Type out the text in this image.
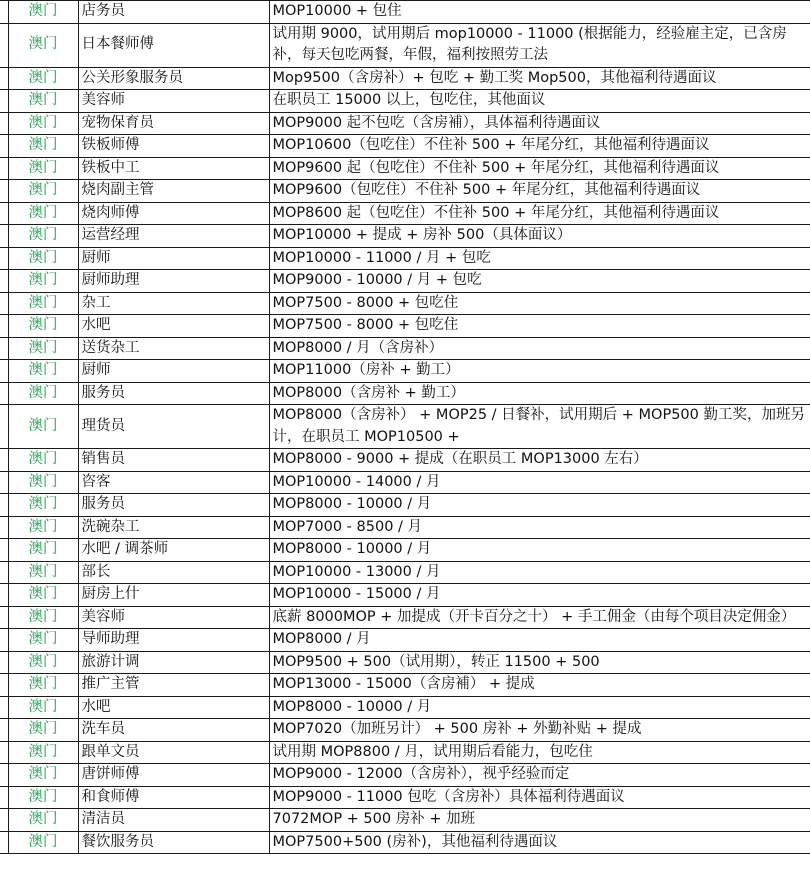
	澳门	店务员	MOP10000 + 包住
	澳门	日本餐师傅	试用期 9000，试用期后 mop10000 - 11000 (根据能力，经验雇主定，已含房补，每天包吃两餐，年假，福利按照劳工法
	澳门	公关形象服务员	Mop9500（含房补）+ 包吃 + 勤工奖 Mop500，其他福利待遇面议
	澳门	美容师	在职员工 15000 以上，包吃住，其他面议
	澳门	宠物保育员	MOP9000 起不包吃（含房補），具体福利待遇面议
	澳门	铁板师傅	MOP10600（包吃住）不住补 500 + 年尾分红，其他福利待遇面议
	澳门	铁板中工	MOP9600 起（包吃住）不住补 500 + 年尾分红，其他福利待遇面议
	澳门	烧肉副主管	MOP9600（包吃住）不住补 500 + 年尾分红，其他福利待遇面议
	澳门	烧肉师傅	MOP8600 起（包吃住）不住补 500 + 年尾分红，其他福利待遇面议
	澳门	运营经理	MOP10000 + 提成 + 房补 500（具体面议）
	澳门	厨师	MOP10000 - 11000 / 月 + 包吃
	澳门	厨师助理	MOP9000 - 10000 / 月 + 包吃
	澳门	杂工	MOP7500 - 8000 + 包吃住
	澳门	水吧	MOP7500 - 8000 + 包吃住
	澳门	送货杂工	MOP8000 / 月（含房补）
	澳门	厨师	MOP11000（房补 + 勤工）
	澳门	服务员	MOP8000（含房补 + 勤工）
	澳门	理货员	MOP8000（含房补） + MOP25 / 日餐补，试用期后 + MOP500 勤工奖，加班另计，在职员工 MOP10500 +
	澳门	销售员	MOP8000 - 9000 + 提成（在职员工 MOP13000 左右）
	澳门	咨客	MOP10000 - 14000 / 月
	澳门	服务员	MOP8000 - 10000 / 月
	澳门	洗碗杂工	MOP7000 - 8500 / 月
	澳门	水吧 / 调茶师	MOP8000 - 10000 / 月
	澳门	部长	MOP10000 - 13000 / 月
	澳门	厨房上什	MOP10000 - 15000 / 月
	澳门	美容师	底薪 8000MOP + 加提成（开卡百分之十） + 手工佣金（由每个项目决定佣金）
	澳门	导师助理	MOP8000 / 月
	澳门	旅游计调	MOP9500 + 500（试用期），转正 11500 + 500
	澳门	推广主管	MOP13000 - 15000（含房補） + 提成
	澳门	水吧	MOP8000 - 10000 / 月
	澳门	洗车员	MOP7020（加班另计） + 500 房补 + 外勤补贴 + 提成
	澳门	跟单文员	试用期 MOP8800 / 月，试用期后看能力，包吃住
	澳门	唐饼师傅	MOP9000 - 12000（含房补），视乎经验而定
	澳门	和食师傅	MOP9000 - 11000 包吃（含房补）具体福利待遇面议
	澳门	清洁员	7072MOP + 500 房补 + 加班
	澳门	餐饮服务员	MOP7500+500 (房补)，其他福利待遇面议
